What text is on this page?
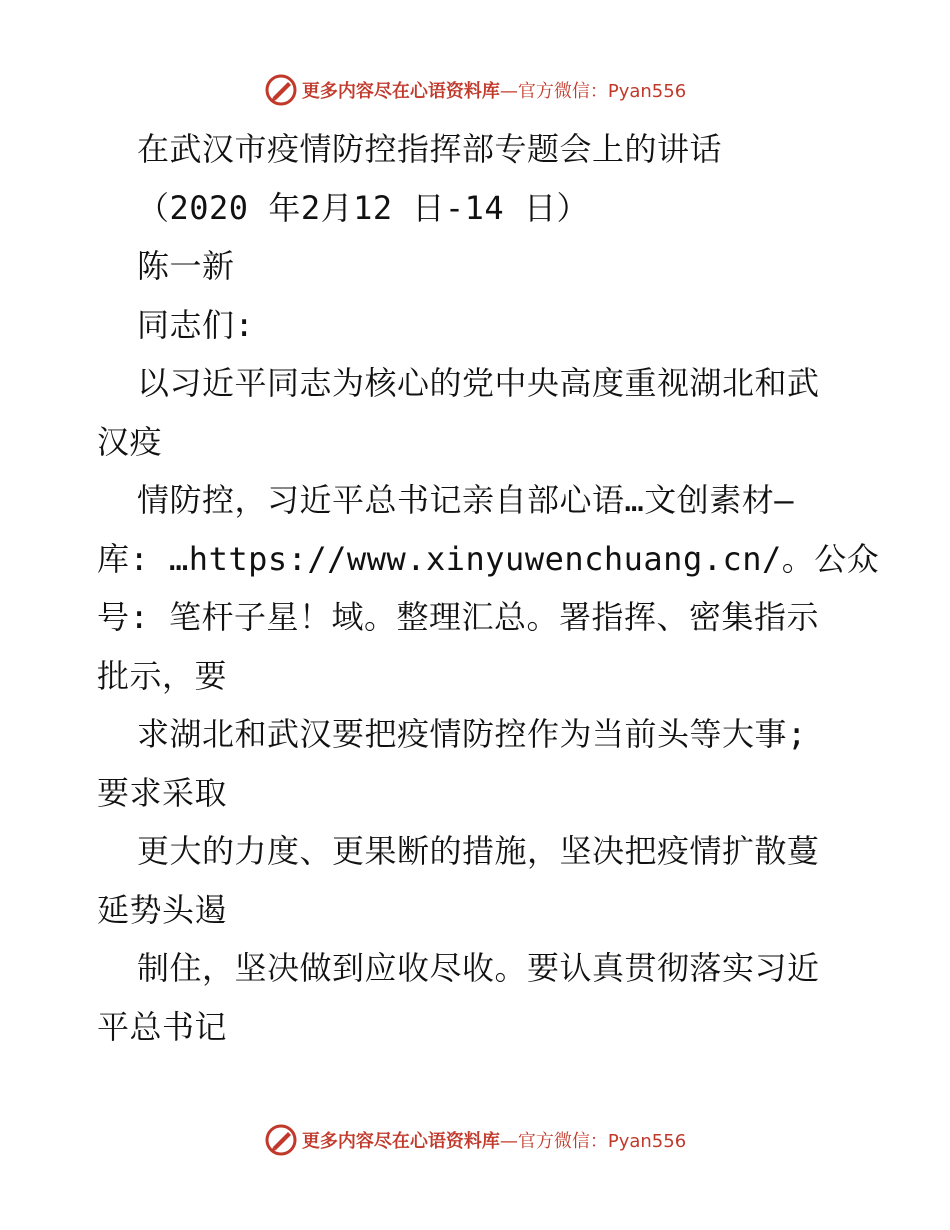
更多内容尽在心语资料库 —官方微信：Pyan556
在武汉市疫情防控指挥部专题会上的讲话
（2020 年2月12 日-14 日）
陈一新
同志们:
以习近平同志为核心的党中央高度重视湖北和武
汉疫
情防控，习近平总书记亲自部心语…文创素材—
库: …https://www.xinyuwenchuang.cn/。公众
号: 笔杆子星！域。整理汇总。署指挥、密集指示
批示，要
求湖北和武汉要把疫情防控作为当前头等大事;
要求采取
更大的力度、更果断的措施，坚决把疫情扩散蔓
延势头遏
制住，坚决做到应收尽收。要认真贯彻落实习近
平总书记
更多内容尽在心语资料库 —官方微信：Pyan556
